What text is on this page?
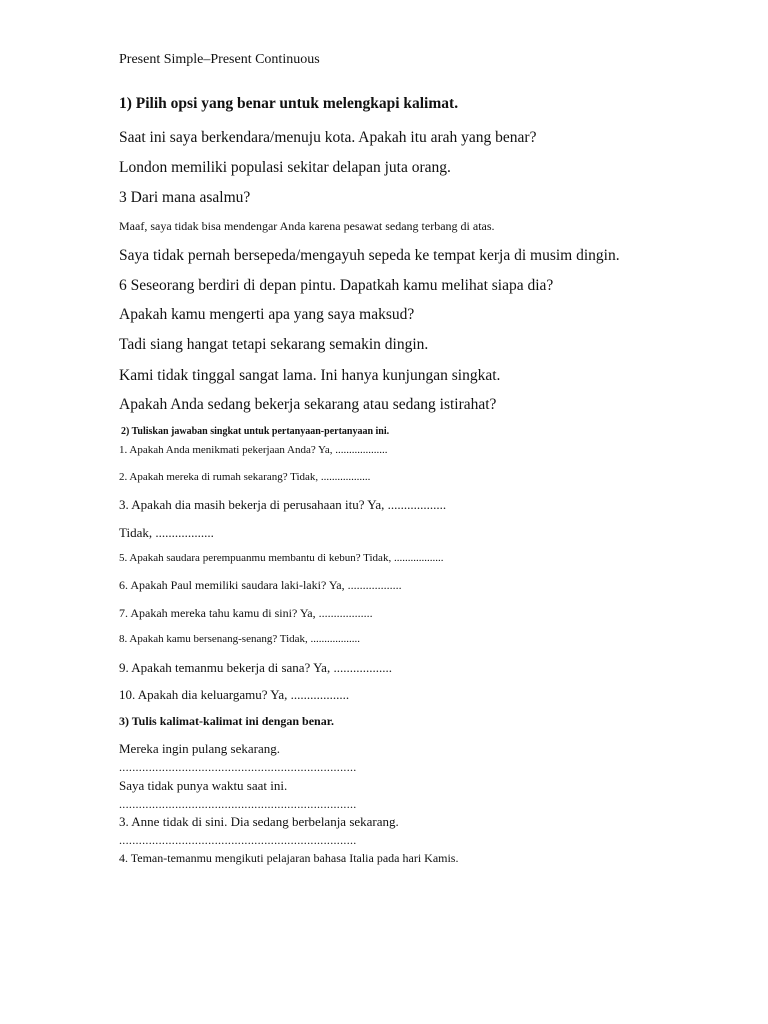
Present Simple–Present Continuous
1) Pilih opsi yang benar untuk melengkapi kalimat.
Saat ini saya berkendara/menuju kota. Apakah itu arah yang benar?
London memiliki populasi sekitar delapan juta orang.
3 Dari mana asalmu?
Maaf, saya tidak bisa mendengar Anda karena pesawat sedang terbang di atas.
Saya tidak pernah bersepeda/mengayuh sepeda ke tempat kerja di musim dingin.
6 Seseorang berdiri di depan pintu. Dapatkah kamu melihat siapa dia?
Apakah kamu mengerti apa yang saya maksud?
Tadi siang hangat tetapi sekarang semakin dingin.
Kami tidak tinggal sangat lama. Ini hanya kunjungan singkat.
Apakah Anda sedang bekerja sekarang atau sedang istirahat?
2) Tuliskan jawaban singkat untuk pertanyaan-pertanyaan ini.
1. Apakah Anda menikmati pekerjaan Anda? Ya, ...................
2. Apakah mereka di rumah sekarang? Tidak, ..................
3. Apakah dia masih bekerja di perusahaan itu? Ya, ..................
Tidak, ..................
5. Apakah saudara perempuanmu membantu di kebun? Tidak, ..................
6. Apakah Paul memiliki saudara laki-laki? Ya, ..................
7. Apakah mereka tahu kamu di sini? Ya, ..................
8. Apakah kamu bersenang-senang? Tidak, ..................
9. Apakah temanmu bekerja di sana? Ya, ..................
10. Apakah dia keluargamu? Ya, ..................
3) Tulis kalimat-kalimat ini dengan benar.
Mereka ingin pulang sekarang.
........................................................................
Saya tidak punya waktu saat ini.
........................................................................
3. Anne tidak di sini. Dia sedang berbelanja sekarang.
........................................................................
4. Teman-temanmu mengikuti pelajaran bahasa Italia pada hari Kamis.
